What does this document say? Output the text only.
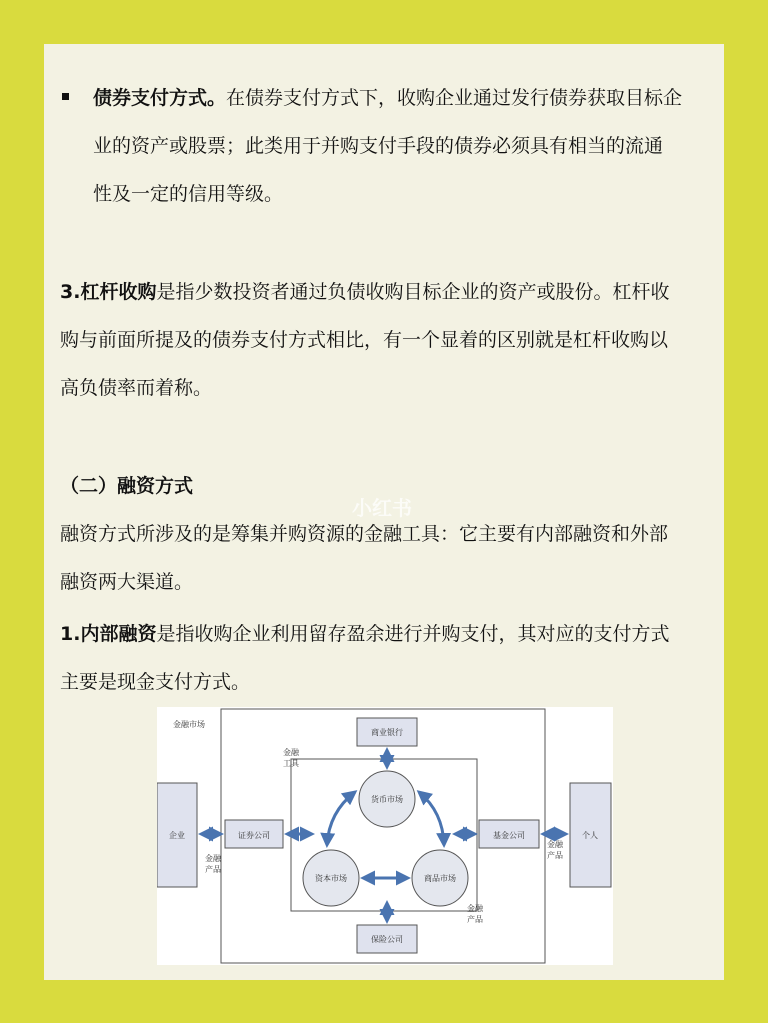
债券支付方式。在债券支付方式下，收购企业通过发行债券获取目标企
业的资产或股票；此类用于并购支付手段的债券必须具有相当的流通
性及一定的信用等级。
3.杠杆收购是指少数投资者通过负债收购目标企业的资产或股份。杠杆收
购与前面所提及的债券支付方式相比，有一个显着的区别就是杠杆收购以
高负债率而着称。
（二）融资方式
融资方式所涉及的是筹集并购资源的金融工具：它主要有内部融资和外部
融资两大渠道。
小红书
1.内部融资是指收购企业利用留存盈余进行并购支付，其对应的支付方式
主要是现金支付方式。
金融市场
商业银行
金融
工具
货币市场
企业	证券公司	基金公司	个人
资本市场	商品市场
保险公司
金融
产品
金融
产品
金融
产品
